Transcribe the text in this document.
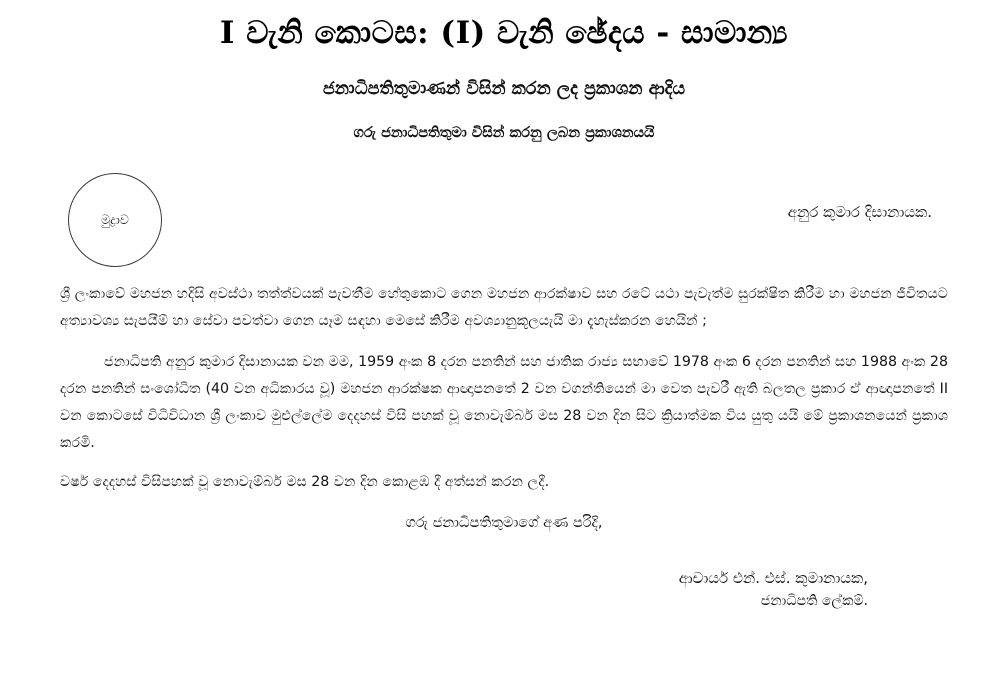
I වැනි කොටස: (I) වැනි ඡේදය - සාමාන්‍ය
ජනාධිපතිතුමාණන් විසින් කරන ලද ප්‍රකාශන ආදිය
ගරු ජනාධිපතිතුමා විසින් කරනු ලබන ප්‍රකාශනයයි
මුද්‍රාව	අනුර කුමාර දිසානායක.

ශ්‍රී ලංකාවේ මහජන හදිසි අවස්ථා තත්ත්වයක් පැවතීම හේතුකොට ගෙන මහජන ආරක්ෂාව සහ රටේ යථා පැවැත්ම සුරක්ෂිත කිරීම හා මහජන ජීවිතයට අත්‍යාවශ්‍ය සැපයීම් හා සේවා පවත්වා ගෙන යෑම සඳහා මෙසේ කිරීම අවශ්‍යානුකූලයැයි මා දැහැස්කරන හෙයින් ;

ජනාධිපති අනුර කුමාර දිසානායක වන මම, 1959 අංක 8 දරන පනතින් සහ ජාතික රාජ්‍ය සභාවේ 1978 අංක 6 දරන පනතින් සහ 1988 අංක 28 දරන පනතින් සංශෝධිත (40 වන අධිකාරය වූ) මහජන ආරක්ෂක ආඥාපනතේ 2 වන වගන්තියෙන් මා වෙත පැවරී ඇති බලතල ප්‍රකාර ඒ ආඥාපනතේ II වන කොටසේ විධිවිධාන ශ්‍රී ලංකාව මුළුල්ලේම දෙදහස් විසි පහක් වූ නොවැම්බර් මස 28 වන දින සිට ක්‍රියාත්මක විය යුතු යයි මේ ප්‍රකාශනයෙන් ප්‍රකාශ කරමි.

වර්ෂ දෙදහස් විසිපහක් වූ නොවැම්බර් මස 28 වන දින කොළඹ දී අත්සන් කරන ලදී.

ගරු ජනාධිපතිතුමාගේ අණ පරිදි,

ආචාර්ය එන්. එස්. කුමානායක,
ජනාධිපති ලේකම්.
